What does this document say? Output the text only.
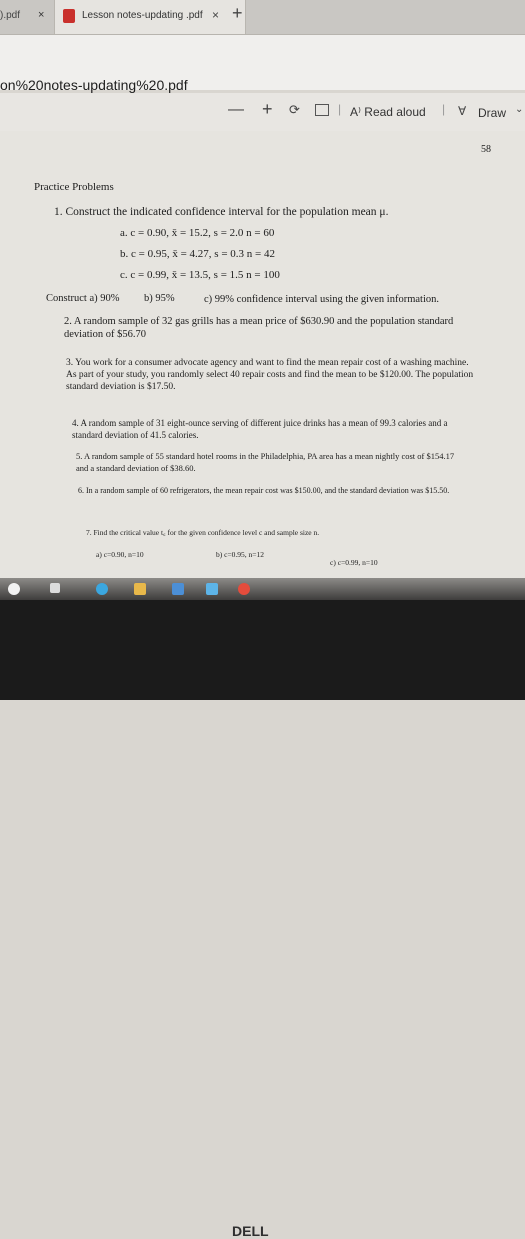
).pdf ×	Lesson notes-updating .pdf × +
on%20notes-updating%20.pdf
— + ⟳	| A⁾ Read aloud | ∀ Draw ⌄
58
Practice Problems
1. Construct the indicated confidence interval for the population mean μ.
a. c = 0.90, x̄ = 15.2, s = 2.0 n = 60
b. c = 0.95, x̄ = 4.27, s = 0.3 n = 42
c. c = 0.99, x̄ = 13.5, s = 1.5 n = 100
Construct a) 90% b) 95%	c) 99% confidence interval using the given information.
2. A random sample of 32 gas grills has a mean price of $630.90 and the population standard deviation of $56.70
3. You work for a consumer advocate agency and want to find the mean repair cost of a washing machine. As part of your study, you randomly select 40 repair costs and find the mean to be $120.00. The population standard deviation is $17.50.
4. A random sample of 31 eight-ounce serving of different juice drinks has a mean of 99.3 calories and a standard deviation of 41.5 calories.
5. A random sample of 55 standard hotel rooms in the Philadelphia, PA area has a mean nightly cost of $154.17 and a standard deviation of $38.60.
6. In a random sample of 60 refrigerators, the mean repair cost was $150.00, and the standard deviation was $15.50.
7. Find the critical value t꜀ for the given confidence level c and sample size n.
a) c=0.90, n=10	b) c=0.95, n=12
c) c=0.99, n=10
DELL
